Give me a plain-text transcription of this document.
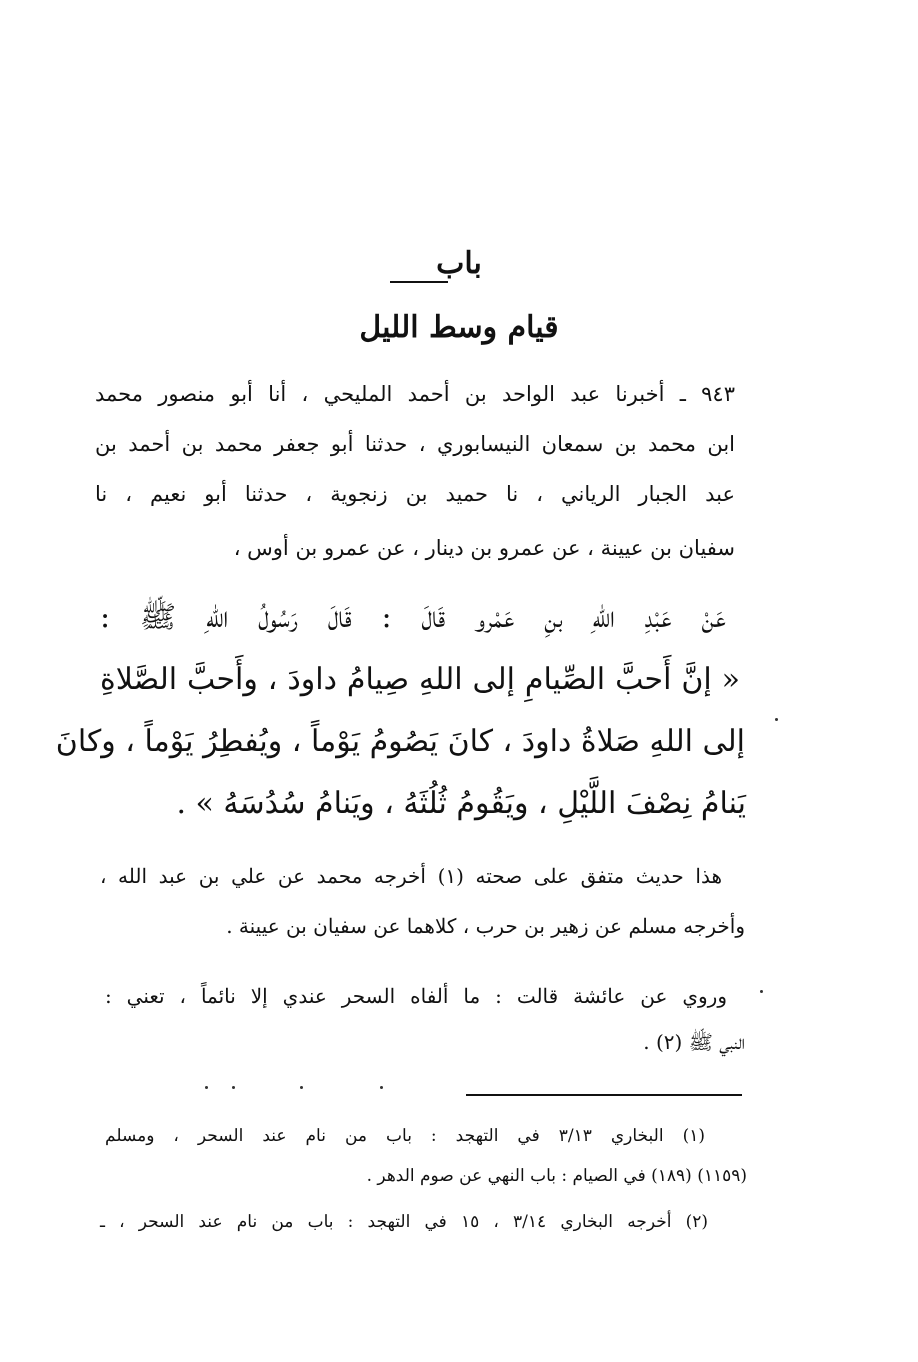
باب
قيام وسط الليل
٩٤٣ ـ أخبرنا عبد الواحد بن أحمد المليحي ، أنا أبو منصور محمد
ابن محمد بن سمعان النيسابوري ، حدثنا أبو جعفر محمد بن أحمد بن
عبد الجبار الرياني ، نا حميد بن زنجوية ، حدثنا أبو نعيم ، نا
سفيان بن عيينة ، عن عمرو بن دينار ، عن عمرو بن أوس ،
عَنْ عَبْدِ اللهِ بنِ عَمْرو قَالَ : قَالَ رَسُولُ اللهِ ﷺ :
« إنَّ أَحبَّ الصِّيامِ إلى اللهِ صِيامُ داودَ ، وأَحبَّ الصَّلاةِ
إلى اللهِ صَلاةُ داودَ ، كانَ يَصُومُ يَوْماً ، ويُفطِرُ يَوْماً ، وكانَ
يَنامُ نِصْفَ اللَّيْلِ ، ويَقُومُ ثُلُثَهُ ، ويَنامُ سُدُسَهُ » .
هذا حديث متفق على صحته (١) أخرجه محمد عن علي بن عبد الله ،
وأخرجه مسلم عن زهير بن حرب ، كلاهما عن سفيان بن عيينة .
وروي عن عائشة قالت : ما ألفاه السحر عندي إلا نائماً ، تعني :
النبي ﷺ (٢) .
(١) البخاري ٣/١٣ في التهجد : باب من نام عند السحر ، ومسلم
(١١٥٩) (١٨٩) في الصيام : باب النهي عن صوم الدهر .
(٢) أخرجه البخاري ٣/١٤ ، ١٥ في التهجد : باب من نام عند السحر ، ـ
